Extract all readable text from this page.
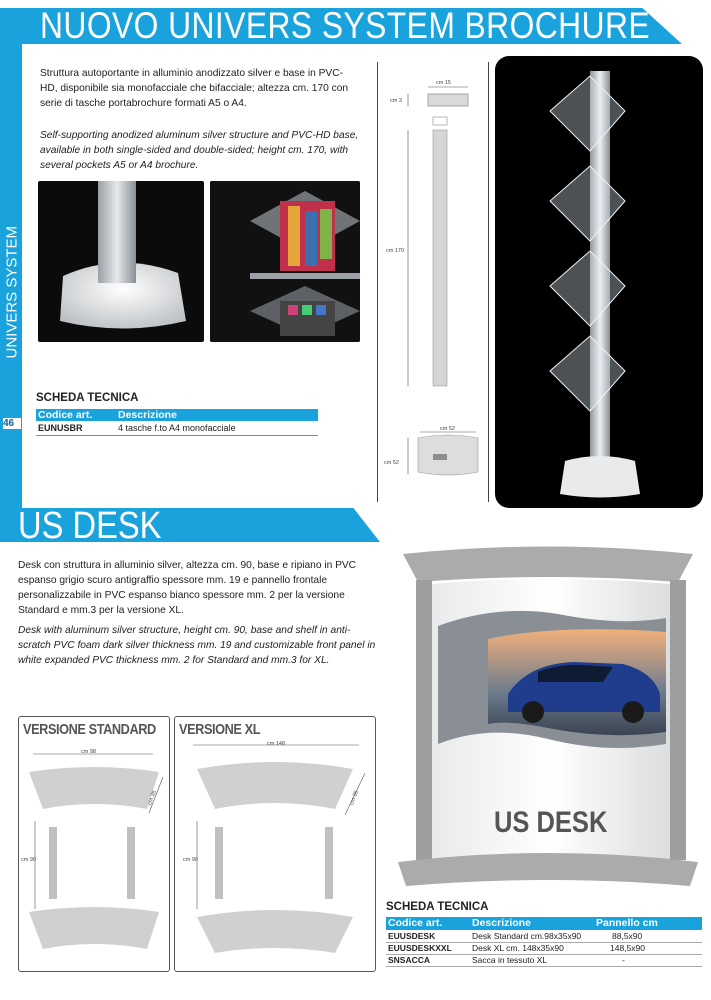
UNIVERS SYSTEM
46
NUOVO UNIVERS SYSTEM BROCHURE
Struttura autoportante in alluminio anodizzato silver e base in PVC-HD, disponibile sia monofacciale che bifacciale; altezza cm. 170 con serie di tasche portabrochure formati A5 o A4.
Self-supporting anodized aluminum silver structure and PVC-HD base, available in both single-sided and double-sided; height cm. 170, with several pockets A5 or A4 brochure.
SCHEDA TECNICA
Codice art. Descrizione
EUNUSBR	4 tasche f.to A4 monofacciale
cm 15
cm 3
cm 170
cm 52
cm 52
US DESK
Desk con struttura in alluminio silver, altezza cm. 90, base e ripiano in PVC espanso grigio scuro antigraffio spessore mm. 19 e pannello frontale personalizzabile in PVC espanso bianco spessore mm. 2 per la versione Standard e mm.3 per la versione XL.
Desk with aluminum silver structure, height cm. 90, base and shelf in anti-scratch PVC foam dark silver thickness mm. 19 and customizable front panel in white expanded PVC thickness mm. 2 for Standard and mm.3 for XL.
VERSIONE STANDARD
cm 98
cm 35
cm 90
VERSIONE XL
cm 148
cm 35
cm 90
US DESK
SCHEDA TECNICA
Codice art.	Descrizione	Pannello cm
EUUSDESK	Desk Standard cm.98x35x90	88,5x90
EUUSDESKXXL Desk XL cm. 148x35x90	148,5x90
SNSACCA	Sacca in tessuto XL	-
